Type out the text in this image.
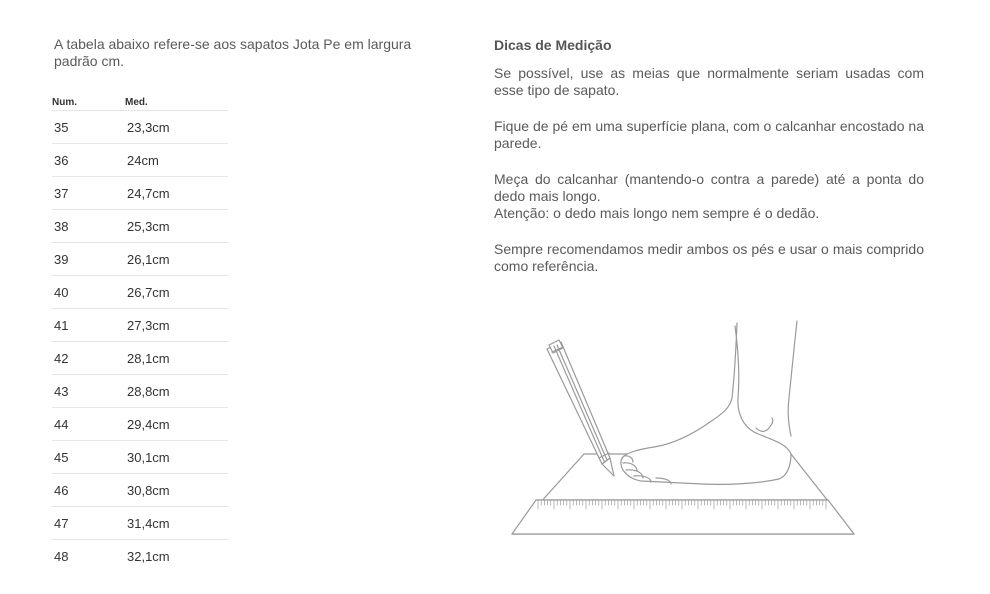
A tabela abaixo refere-se aos sapatos Jota Pe em largura padrão cm.

Num.	Med.
35	23,3cm
36	24cm
37	24,7cm
38	25,3cm
39	26,1cm
40	26,7cm
41	27,3cm
42	28,1cm
43	28,8cm
44	29,4cm
45	30,1cm
46	30,8cm
47	31,4cm
48	32,1cm
Dicas de Medição

Se possível, use as meias que normalmente seriam usadas com esse tipo de sapato.

Fique de pé em uma superfície plana, com o calcanhar encostado na parede.

Meça do calcanhar (mantendo-o contra a parede) até a ponta do dedo mais longo.

Atenção: o dedo mais longo nem sempre é o dedão.

Sempre recomendamos medir ambos os pés e usar o mais comprido como referência.
